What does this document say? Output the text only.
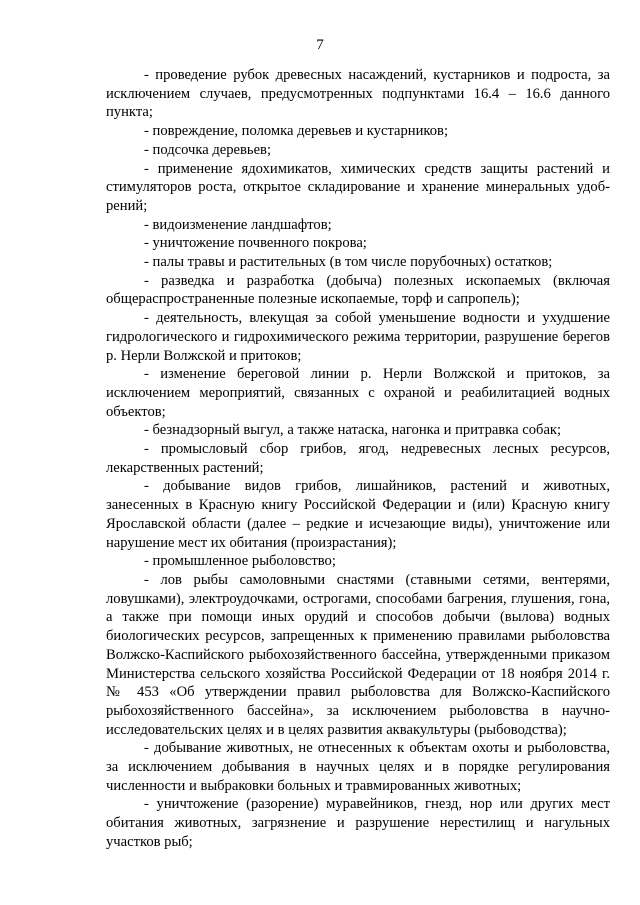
7

- проведение рубок древесных насаждений, кустарников и подроста, за исключением случаев, предусмотренных подпунктами 16.4 – 16.6 данного пункта;

- повреждение, поломка деревьев и кустарников;

- подсочка деревьев;

- применение ядохимикатов, химических средств защиты растений и стимуляторов роста, открытое складирование и хранение минеральных удоб-рений;

- видоизменение ландшафтов;

- уничтожение почвенного покрова;

- палы травы и растительных (в том числе порубочных) остатков;

- разведка и разработка (добыча) полезных ископаемых (включая общераспространенные полезные ископаемые, торф и сапропель);

- деятельность, влекущая за собой уменьшение водности и ухудшение гидрологического и гидрохимического режима территории, разрушение берегов р. Нерли Волжской и притоков;

- изменение береговой линии р. Нерли Волжской и притоков, за исключением мероприятий, связанных с охраной и реабилитацией водных объектов;

- безнадзорный выгул, а также натаска, нагонка и притравка собак;

- промысловый сбор грибов, ягод, недревесных лесных ресурсов, лекарственных растений;

- добывание видов грибов, лишайников, растений и животных, занесенных в Красную книгу Российской Федерации и (или) Красную книгу Ярославской области (далее – редкие и исчезающие виды), уничтожение или нарушение мест их обитания (произрастания);

- промышленное рыболовство;

- лов рыбы самоловными снастями (ставными сетями, вентерями, ловушками), электроудочками, острогами, способами багрения, глушения, гона, а также при помощи иных орудий и способов добычи (вылова) водных биологических ресурсов, запрещенных к применению правилами рыболовства Волжско-Каспийского рыбохозяйственного бассейна, утвержденными приказом Министерства сельского хозяйства Российской Федерации от 18 ноября 2014 г. № 453 «Об утверждении правил рыболовства для Волжско-Каспийского рыбохозяйственного бассейна», за исключением рыболовства в научно-исследовательских целях и в целях развития аквакультуры (рыбоводства);

- добывание животных, не отнесенных к объектам охоты и рыболовства, за исключением добывания в научных целях и в порядке регулирования численности и выбраковки больных и травмированных животных;

- уничтожение (разорение) муравейников, гнезд, нор или других мест обитания животных, загрязнение и разрушение нерестилищ и нагульных участков рыб;
